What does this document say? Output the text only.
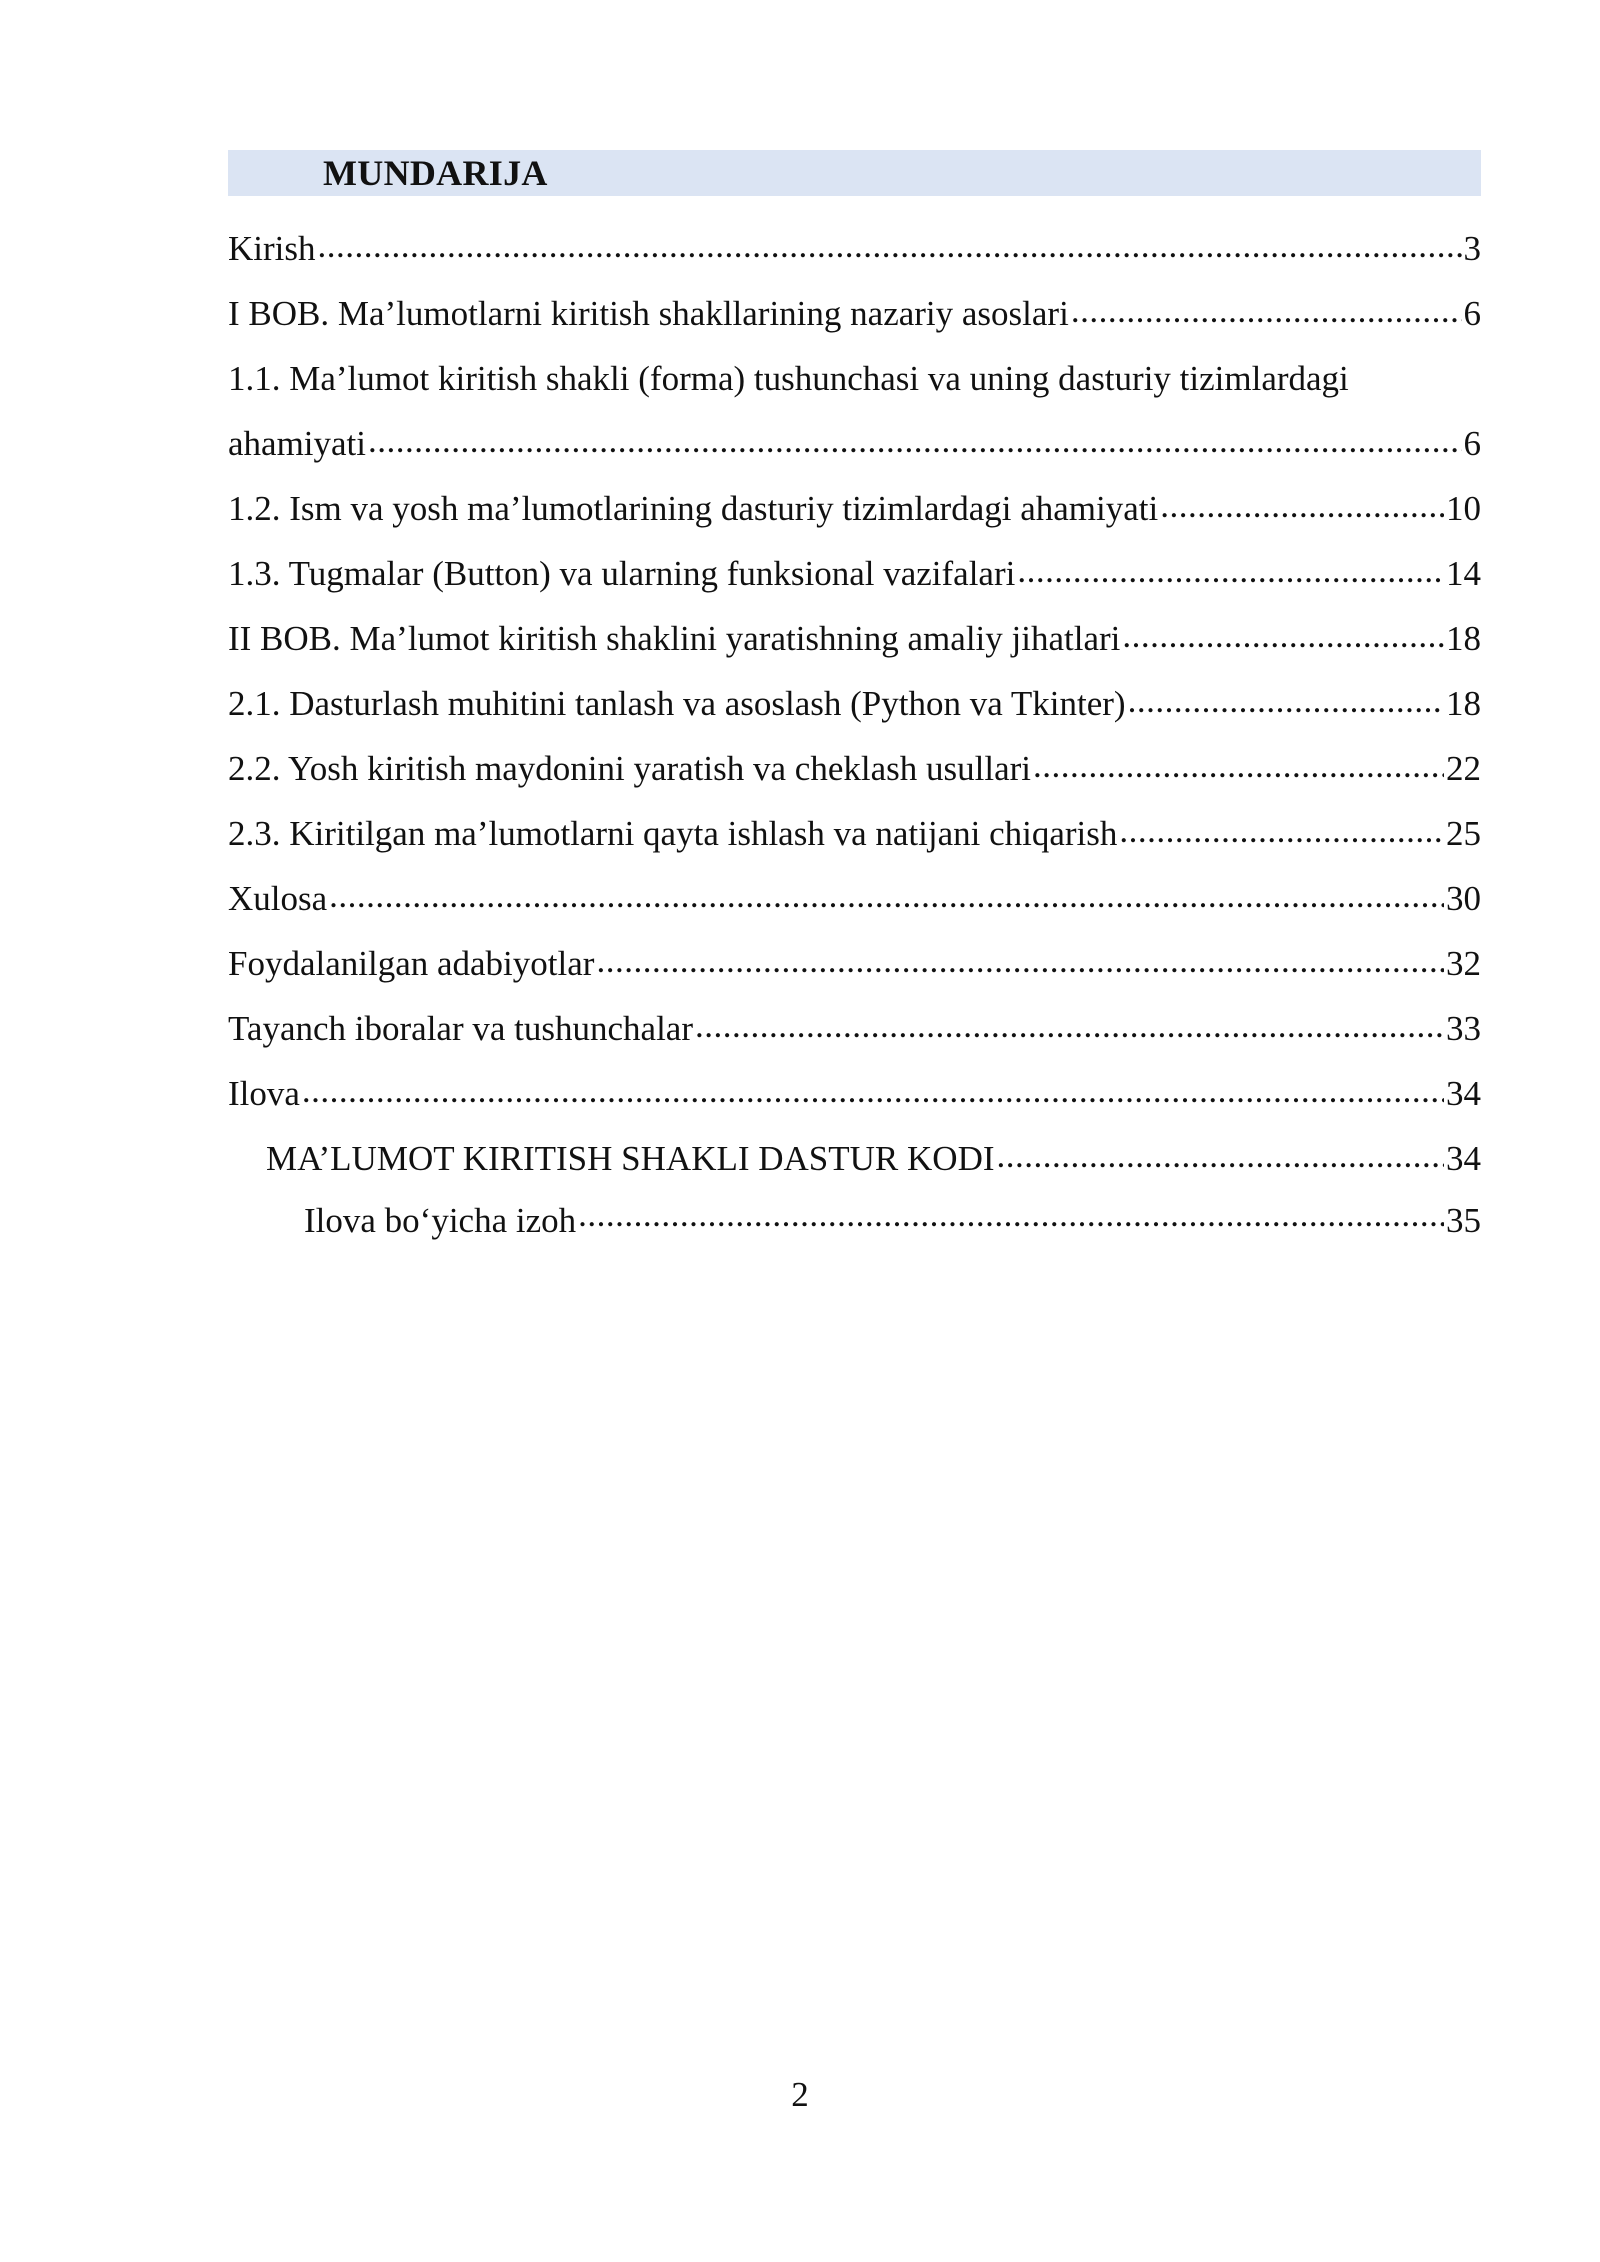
MUNDARIJA
Kirish .....	3
I BOB. Ma’lumotlarni kiritish shakllarining nazariy asoslari .....	6
1.1. Ma’lumot kiritish shakli (forma) tushunchasi va uning dasturiy tizimlardagi
ahamiyati .....	6
1.2. Ism va yosh ma’lumotlarining dasturiy tizimlardagi ahamiyati .....	10
1.3. Tugmalar (Button) va ularning funksional vazifalari .....	14
II BOB. Ma’lumot kiritish shaklini yaratishning amaliy jihatlari .....	18
2.1. Dasturlash muhitini tanlash va asoslash (Python va Tkinter) .....	18
2.2. Yosh kiritish maydonini yaratish va cheklash usullari .....	22
2.3. Kiritilgan ma’lumotlarni qayta ishlash va natijani chiqarish .....	25
Xulosa .....	30
Foydalanilgan adabiyotlar .....	32
Tayanch iboralar va tushunchalar .....	33
Ilova .....	34
MA’LUMOT KIRITISH SHAKLI DASTUR KODI .....	34
Ilova bo‘yicha izoh .....	35
2
